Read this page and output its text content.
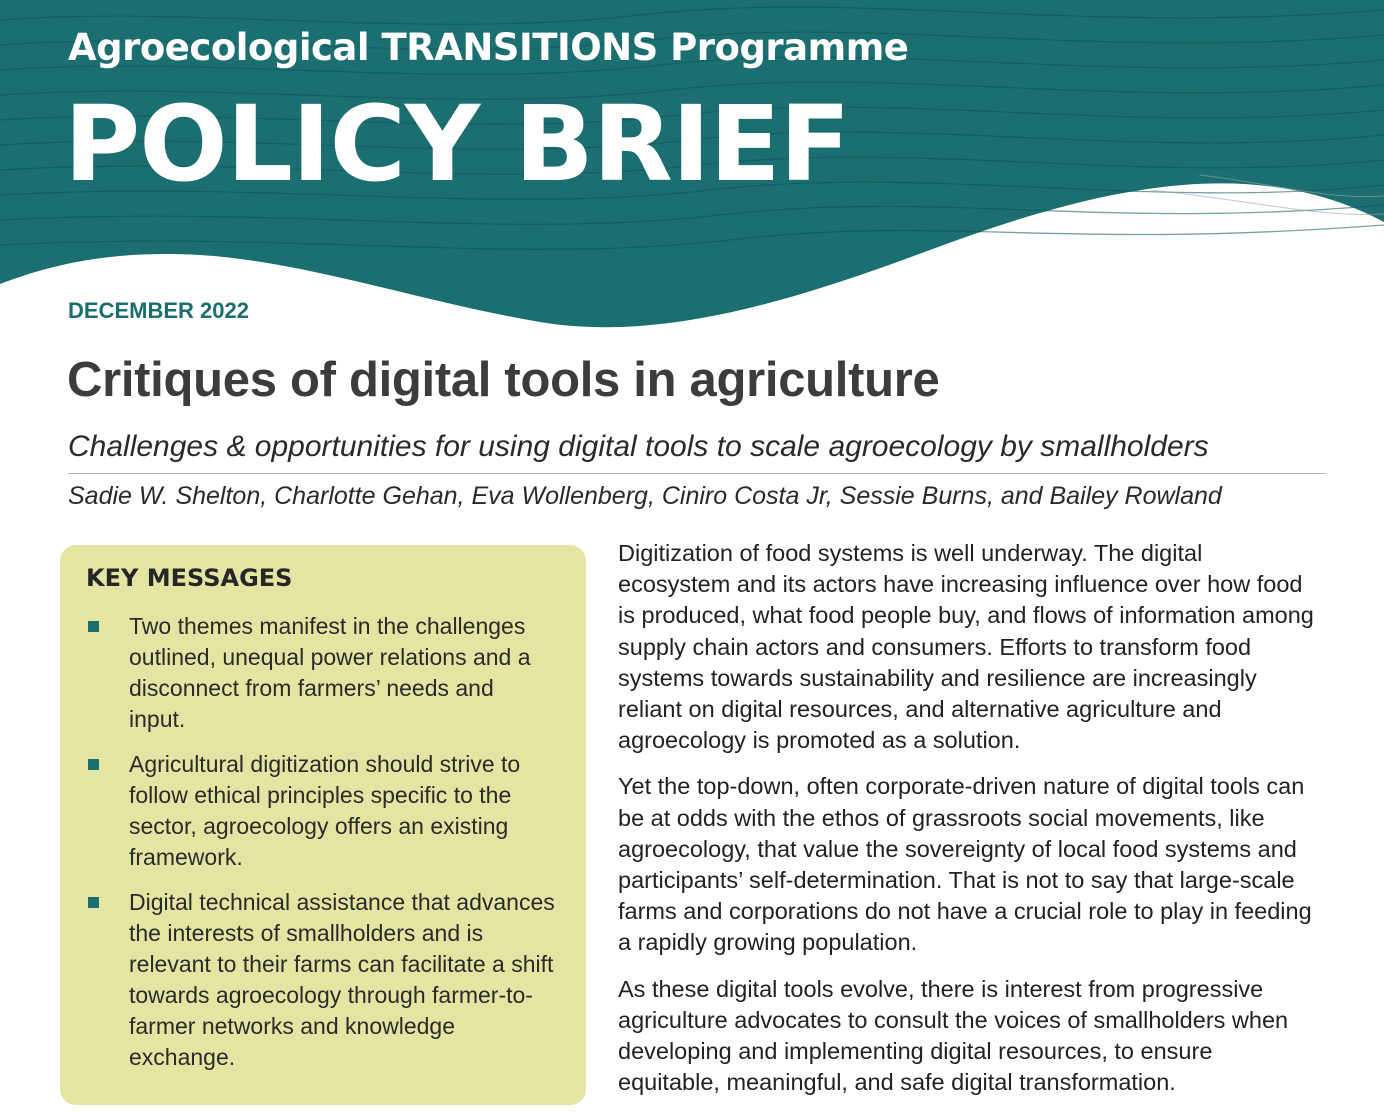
Agroecological TRANSITIONS Programme
POLICY BRIEF
DECEMBER 2022
Critiques of digital tools in agriculture
Challenges & opportunities for using digital tools to scale agroecology by smallholders
Sadie W. Shelton, Charlotte Gehan, Eva Wollenberg, Ciniro Costa Jr, Sessie Burns, and Bailey Rowland
KEY MESSAGES
Two themes manifest in the challenges outlined, unequal power relations and a disconnect from farmers’ needs and input.
Agricultural digitization should strive to follow ethical principles specific to the sector, agroecology offers an existing framework.
Digital technical assistance that advances the interests of smallholders and is relevant to their farms can facilitate a shift towards agroecology through farmer-to-farmer networks and knowledge exchange.

Digitization of food systems is well underway. The digital ecosystem and its actors have increasing influence over how food is produced, what food people buy, and flows of information among supply chain actors and consumers. Efforts to transform food systems towards sustainability and resilience are increasingly reliant on digital resources, and alternative agriculture and agroecology is promoted as a solution.

Yet the top-down, often corporate-driven nature of digital tools can be at odds with the ethos of grassroots social movements, like agroecology, that value the sovereignty of local food systems and participants’ self-determination. That is not to say that large-scale farms and corporations do not have a crucial role to play in feeding a rapidly growing population.

As these digital tools evolve, there is interest from progressive agriculture advocates to consult the voices of smallholders when developing and implementing digital resources, to ensure equitable, meaningful, and safe digital transformation.
